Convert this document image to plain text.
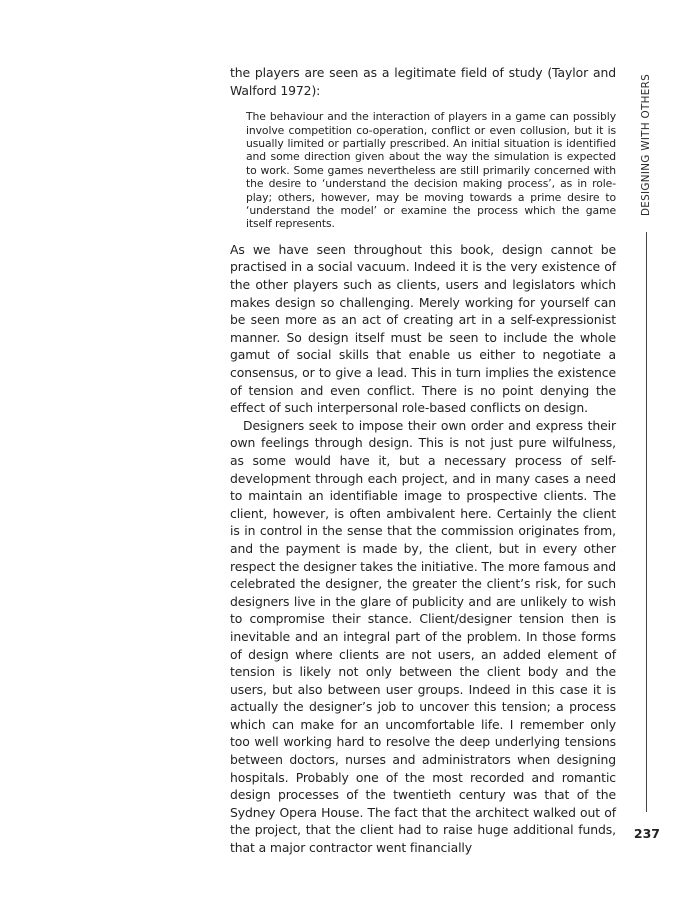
the players are seen as a legitimate field of study (Taylor and Walford 1972):

The behaviour and the interaction of players in a game can possibly involve competition co-operation, conflict or even collusion, but it is usually limited or partially prescribed. An initial situation is identified and some direction given about the way the simulation is expected to work. Some games nevertheless are still primarily concerned with the desire to ‘understand the decision making process’, as in role-play; others, however, may be moving towards a prime desire to ‘understand the model’ or examine the process which the game itself represents.

As we have seen throughout this book, design cannot be practised in a social vacuum. Indeed it is the very existence of the other players such as clients, users and legislators which makes design so challenging. Merely working for yourself can be seen more as an act of creating art in a self-expressionist manner. So design itself must be seen to include the whole gamut of social skills that enable us either to negotiate a consensus, or to give a lead. This in turn implies the existence of tension and even conflict. There is no point denying the effect of such interpersonal role-based conflicts on design.

Designers seek to impose their own order and express their own feelings through design. This is not just pure wilfulness, as some would have it, but a necessary process of self-development through each project, and in many cases a need to maintain an identifiable image to prospective clients. The client, however, is often ambivalent here. Certainly the client is in control in the sense that the commission originates from, and the payment is made by, the client, but in every other respect the designer takes the initiative. The more famous and celebrated the designer, the greater the client’s risk, for such designers live in the glare of publicity and are unlikely to wish to compromise their stance. Client/designer tension then is inevitable and an integral part of the problem. In those forms of design where clients are not users, an added element of tension is likely not only between the client body and the users, but also between user groups. Indeed in this case it is actually the designer’s job to uncover this tension; a process which can make for an uncomfortable life. I remember only too well working hard to resolve the deep underlying tensions between doctors, nurses and administrators when designing hospitals. Probably one of the most recorded and romantic design processes of the twentieth century was that of the Sydney Opera House. The fact that the architect walked out of the project, that the client had to raise huge additional funds, that a major contractor went financially

DESIGNING WITH OTHERS
237
